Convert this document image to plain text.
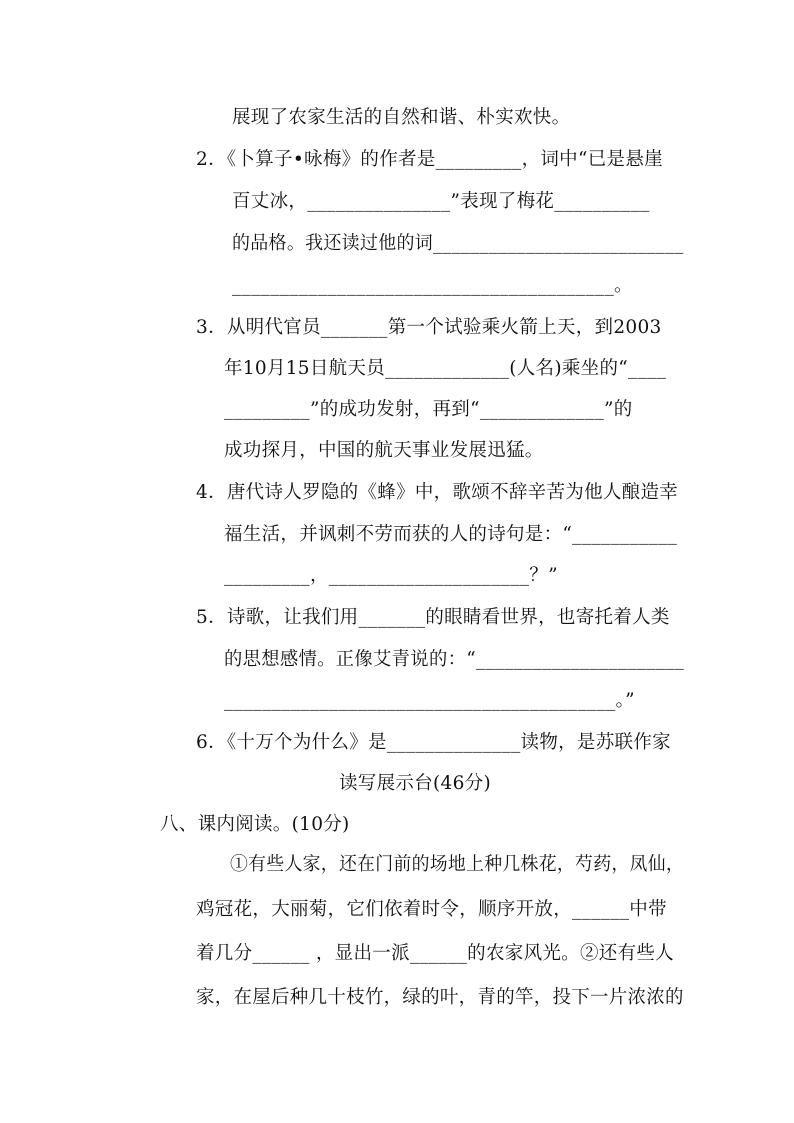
展现了农家生活的自然和谐、朴实欢快。
2．《卜算子•咏梅》的作者是_________，词中“已是悬崖
百丈冰，_______________”表现了梅花__________
的品格。我还读过他的词___________________________
________________________________________。
3．从明代官员_______第一个试验乘火箭上天，到2003
年10月15日航天员_____________(人名)乘坐的“____
_________”的成功发射，再到“_____________”的
成功探月，中国的航天事业发展迅猛。
4．唐代诗人罗隐的《蜂》中，歌颂不辞辛苦为他人酿造幸
福生活，并讽刺不劳而获的人的诗句是：“___________
_________，_____________________？”
5．诗歌，让我们用_______的眼睛看世界，也寄托着人类
的思想感情。正像艾青说的：“______________________
_________________________________________。”
6．《十万个为什么》是______________读物，是苏联作家
读写展示台(46分)
八、课内阅读。(10分)
①有些人家，还在门前的场地上种几株花，芍药，凤仙，
鸡冠花，大丽菊，它们依着时令，顺序开放，______中带
着几分______ ，显出一派______的农家风光。②还有些人
家，在屋后种几十枝竹，绿的叶，青的竿，投下一片浓浓的
